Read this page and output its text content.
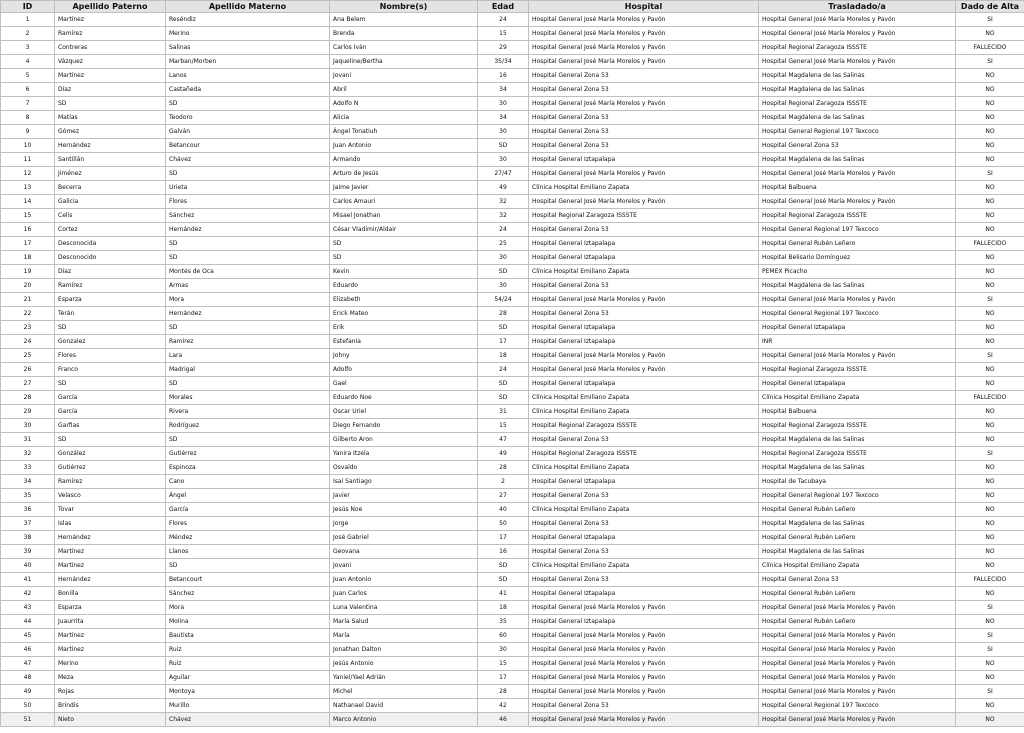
ID	Apellido Paterno	Apellido Materno	Nombre(s)	Edad	Hospital	Trasladado/a	Dado de Alta
1	Martínez	Reséndiz	Ana Belem	24	Hospital General José María Morelos y Pavón	Hospital General José María Morelos y Pavón	SI
2	Ramírez	Merino	Brenda	15	Hospital General José María Morelos y Pavón	Hospital General José María Morelos y Pavón	NO
3	Contreras	Salinas	Carlos Iván	29	Hospital General José María Morelos y Pavón	Hospital Regional Zaragoza ISSSTE	FALLECIDO
4	Vázquez	Marban/Morben	Jaqueline/Bertha	35/34	Hospital General José María Morelos y Pavón	Hospital General José María Morelos y Pavón	SI
5	Martínez	Lanos	Jovani	16	Hospital General Zona 53	Hospital Magdalena de las Salinas	NO
6	Díaz	Castañeda	Abril	34	Hospital General Zona 53	Hospital Magdalena de las Salinas	NO
7	SD	SD	Adolfo N	30	Hospital General José María Morelos y Pavón	Hospital Regional Zaragoza ISSSTE	NO
8	Matías	Teodoro	Alicia	34	Hospital General Zona 53	Hospital Magdalena de las Salinas	NO
9	Gómez	Galván	Ángel Tonatiuh	30	Hospital General Zona 53	Hospital General Regional 197 Texcoco	NO
10	Hernández	Betancour	Juan Antonio	SD	Hospital General Zona 53	Hospital General Zona 53	NO
11	Santillán	Chávez	Armando	30	Hospital General Iztapalapa	Hospital Magdalena de las Salinas	NO
12	Jiménez	SD	Arturo de Jesús	27/47	Hospital General José María Morelos y Pavón	Hospital General José María Morelos y Pavón	SI
13	Becerra	Urieta	Jaime Javier	49	Clínica Hospital Emiliano Zapata	Hospital Balbuena	NO
14	Galicia	Flores	Carlos Amauri	32	Hospital General José María Morelos y Pavón	Hospital General José María Morelos y Pavón	NO
15	Celis	Sánchez	Misael Jonathan	32	Hospital Regional Zaragoza ISSSTE	Hospital Regional Zaragoza ISSSTE	NO
16	Cortez	Hernández	César Vladimir/Aldair	24	Hospital General Zona 53	Hospital General Regional 197 Texcoco	NO
17	Desconocida	SD	SD	25	Hospital General Iztapalapa	Hospital General Rubén Leñero	FALLECIDO
18	Desconocido	SD	SD	30	Hospital General Iztapalapa	Hospital Belisario Domínguez	NO
19	Díaz	Montés de Oca	Kevin	SD	Clínica Hospital Emiliano Zapata	PEMEX Picacho	NO
20	Ramírez	Armas	Eduardo	30	Hospital General Zona 53	Hospital Magdalena de las Salinas	NO
21	Esparza	Mora	Elizabeth	54/24	Hospital General José María Morelos y Pavón	Hospital General José María Morelos y Pavón	SI
22	Terán	Hernández	Erick Mateo	28	Hospital General Zona 53	Hospital General Regional 197 Texcoco	NO
23	SD	SD	Erik	SD	Hospital General Iztapalapa	Hospital General Iztapalapa	NO
24	Gonzalez	Ramírez	Estefanía	17	Hospital General Iztapalapa	INR	NO
25	Flores	Lara	Johny	18	Hospital General José María Morelos y Pavón	Hospital General José María Morelos y Pavón	SI
26	Franco	Madrigal	Adolfo	24	Hospital General José María Morelos y Pavón	Hospital Regional Zaragoza ISSSTE	NO
27	SD	SD	Gael	SD	Hospital General Iztapalapa	Hospital General Iztapalapa	NO
28	García	Morales	Eduardo Noe	SD	Clínica Hospital Emiliano Zapata	Clínica Hospital Emiliano Zapata	FALLECIDO
29	García	Rivera	Oscar Uriel	31	Clínica Hospital Emiliano Zapata	Hospital Balbuena	NO
30	Garfias	Rodríguez	Diego Fernando	15	Hospital Regional Zaragoza ISSSTE	Hospital Regional Zaragoza ISSSTE	NO
31	SD	SD	Gilberto Aron	47	Hospital General Zona 53	Hospital Magdalena de las Salinas	NO
32	González	Gutiérrez	Yanira Itzela	49	Hospital Regional Zaragoza ISSSTE	Hospital Regional Zaragoza ISSSTE	SI
33	Gutiérrez	Espinoza	Osvaldo	28	Clínica Hospital Emiliano Zapata	Hospital Magdalena de las Salinas	NO
34	Ramírez	Cano	Isaí Santiago	2	Hospital General Iztapalapa	Hospital de Tacubaya	NO
35	Velasco	Ángel	Javier	27	Hospital General Zona 53	Hospital General Regional 197 Texcoco	NO
36	Tovar	García	Jesús Noe	40	Clínica Hospital Emiliano Zapata	Hospital General Rubén Leñero	NO
37	Islas	Flores	Jorge	50	Hospital General Zona 53	Hospital Magdalena de las Salinas	NO
38	Hernández	Méndez	José Gabriel	17	Hospital General Iztapalapa	Hospital General Rubén Leñero	NO
39	Martínez	Llanos	Geovana	16	Hospital General Zona 53	Hospital Magdalena de las Salinas	NO
40	Martínez	SD	Jovani	SD	Clínica Hospital Emiliano Zapata	Clínica Hospital Emiliano Zapata	NO
41	Hernández	Betancourt	Juan Antonio	SD	Hospital General Zona 53	Hospital General Zona 53	FALLECIDO
42	Bonilla	Sánchez	Juan Carlos	41	Hospital General Iztapalapa	Hospital General Rubén Leñero	NO
43	Esparza	Mora	Luna Valentina	18	Hospital General José María Morelos y Pavón	Hospital General José María Morelos y Pavón	SI
44	Juaurrita	Molina	María Salud	35	Hospital General Iztapalapa	Hospital General Rubén Leñero	NO
45	Martínez	Bautista	María	60	Hospital General José María Morelos y Pavón	Hospital General José María Morelos y Pavón	SI
46	Martínez	Ruiz	Jonathan Dalton	30	Hospital General José María Morelos y Pavón	Hospital General José María Morelos y Pavón	SI
47	Merino	Ruiz	Jesús Antonio	15	Hospital General José María Morelos y Pavón	Hospital General José María Morelos y Pavón	NO
48	Meza	Aguilar	Yaniel/Yael Adrián	17	Hospital General José María Morelos y Pavón	Hospital General José María Morelos y Pavón	NO
49	Rojas	Montoya	Michel	28	Hospital General José María Morelos y Pavón	Hospital General José María Morelos y Pavón	SI
50	Brindis	Murillo	Nathanael David	42	Hospital General Zona 53	Hospital General Regional 197 Texcoco	NO
51	Nieto	Chávez	Marco Antonio	46	Hospital General José María Morelos y Pavón	Hospital General José María Morelos y Pavón	NO
